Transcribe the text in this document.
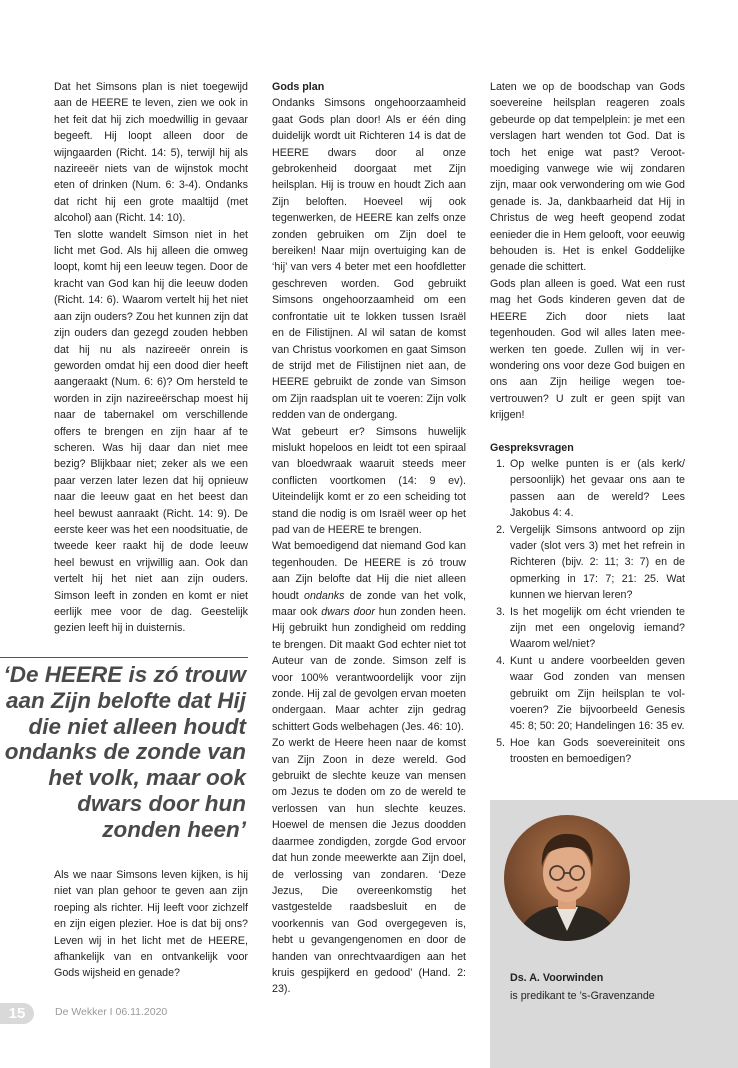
Dat het Simsons plan is niet toegewijd aan de HEERE te leven, zien we ook in het feit dat hij zich moedwillig in gevaar begeeft. Hij loopt alleen door de wijngaarden (Richt. 14: 5), terwijl hij als nazireeër niets van de wijnstok mocht eten of drinken (Num. 6: 3-4). Ondanks dat richt hij een grote maaltijd (met alcohol) aan (Richt. 14: 10).

Ten slotte wandelt Simson niet in het licht met God. Als hij alleen die omweg loopt, komt hij een leeuw tegen. Door de kracht van God kan hij die leeuw doden (Richt. 14: 6). Waarom vertelt hij het niet aan zijn ouders? Zou het kunnen zijn dat zijn ouders dan gezegd zouden hebben dat hij nu als nazireeër onrein is geworden omdat hij een dood dier heeft aangeraakt (Num. 6: 6)? Om hersteld te worden in zijn nazireeërschap moest hij naar de tabernakel om verschillende offers te brengen en zijn haar af te scheren. Was hij daar dan niet mee bezig? Blijkbaar niet; zeker als we een paar verzen later lezen dat hij opnieuw naar die leeuw gaat en het beest dan heel bewust aanraakt (Richt. 14: 9). De eerste keer was het een noodsituatie, de tweede keer raakt hij de dode leeuw heel bewust en vrijwillig aan. Ook dan vertelt hij het niet aan zijn ouders. Simson leeft in zonden en komt er niet eerlijk mee voor de dag. Geestelijk gezien leeft hij in duisternis.

‘De HEERE is zó trouw aan Zijn belofte dat Hij die niet alleen houdt ondanks de zonde van het volk, maar ook dwars door hun zonden heen’

Als we naar Simsons leven kijken, is hij niet van plan gehoor te geven aan zijn roeping als richter. Hij leeft voor zichzelf en zijn eigen plezier. Hoe is dat bij ons? Leven wij in het licht met de HEERE, afhankelijk van en ontvankelijk voor Gods wijsheid en genade?

Gods plan

Ondanks Simsons ongehoorzaamheid gaat Gods plan door! Als er één ding duidelijk wordt uit Richteren 14 is dat de HEERE dwars door al onze gebrokenheid doorgaat met Zijn heilsplan. Hij is trouw en houdt Zich aan Zijn beloften. Hoeveel wij ook tegenwerken, de HEERE kan zelfs onze zonden gebruiken om Zijn doel te bereiken! Naar mijn overtuiging kan de ‘hij’ van vers 4 beter met een hoofdletter geschreven worden. God gebruikt Simsons ongehoorzaamheid om een confrontatie uit te lokken tussen Israël en de Filistijnen. Al wil satan de komst van Christus voorkomen en gaat Simson de strijd met de Filistijnen niet aan, de HEERE gebruikt de zonde van Simson om Zijn raadsplan uit te voeren: Zijn volk redden van de ondergang.

Wat gebeurt er? Simsons huwelijk mislukt hopeloos en leidt tot een spiraal van bloedwraak waaruit steeds meer conflicten voortkomen (14: 9 ev). Uiteindelijk komt er zo een scheiding tot stand die nodig is om Israël weer op het pad van de HEERE te brengen.

Wat bemoedigend dat niemand God kan tegenhouden. De HEERE is zó trouw aan Zijn belofte dat Hij die niet alleen houdt ondanks de zonde van het volk, maar ook dwars door hun zonden heen. Hij gebruikt hun zondigheid om redding te brengen. Dit maakt God echter niet tot Auteur van de zonde. Simson zelf is voor 100% verantwoordelijk voor zijn zonde. Hij zal de gevolgen ervan moeten ondergaan. Maar achter zijn gedrag schittert Gods welbehagen (Jes. 46: 10).

Zo werkt de Heere heen naar de komst van Zijn Zoon in deze wereld. God gebruikt de slechte keuze van mensen om Jezus te doden om zo de wereld te verlossen van hun slechte keuzes. Hoewel de mensen die Jezus doodden daarmee zondigden, zorgde God ervoor dat hun zonde meewerkte aan Zijn doel, de verlossing van zondaren. ‘Deze Jezus, Die overeenkomstig het vastgestelde raadsbesluit en de voorkennis van God overgegeven is, hebt u gevangengenomen en door de handen van onrechtvaardigen aan het kruis gespijkerd en gedood’ (Hand. 2: 23).

Laten we op de boodschap van Gods soevereine heilsplan reageren zoals gebeurde op dat tempelplein: je met een verslagen hart wenden tot God. Dat is toch het enige wat past? Verootmoediging vanwege wie wij zondaren zijn, maar ook verwondering om wie God genade is. Ja, dankbaarheid dat Hij in Christus de weg heeft geopend zodat eenieder die in Hem gelooft, voor eeuwig behouden is. Het is enkel Goddelijke genade die schittert.

Gods plan alleen is goed. Wat een rust mag het Gods kinderen geven dat de HEERE Zich door niets laat tegenhouden. God wil alles laten meewerken ten goede. Zullen wij in verwondering ons voor deze God buigen en ons aan Zijn heilige wegen toevertrouwen? U zult er geen spijt van krijgen!

Gespreksvragen

1. Op welke punten is er (als kerk/ persoonlijk) het gevaar ons aan te passen aan de wereld? Lees Jakobus 4: 4.
2. Vergelijk Simsons antwoord op zijn vader (slot vers 3) met het refrein in Richteren (bijv. 2: 11; 3: 7) en de opmerking in 17: 7; 21: 25. Wat kunnen we hiervan leren?
3. Is het mogelijk om écht vrienden te zijn met een ongelovig iemand? Waarom wel/niet?
4. Kunt u andere voorbeelden geven waar God zonden van mensen gebruikt om Zijn heilsplan te volvoeren? Zie bijvoorbeeld Genesis 45: 8; 50: 20; Handelingen 16: 35 ev.
5. Hoe kan Gods soevereiniteit ons troosten en bemoedigen?
Ds. A. Voorwinden
is predikant te ’s-Gravenzande
15	De Wekker I 06.11.2020
